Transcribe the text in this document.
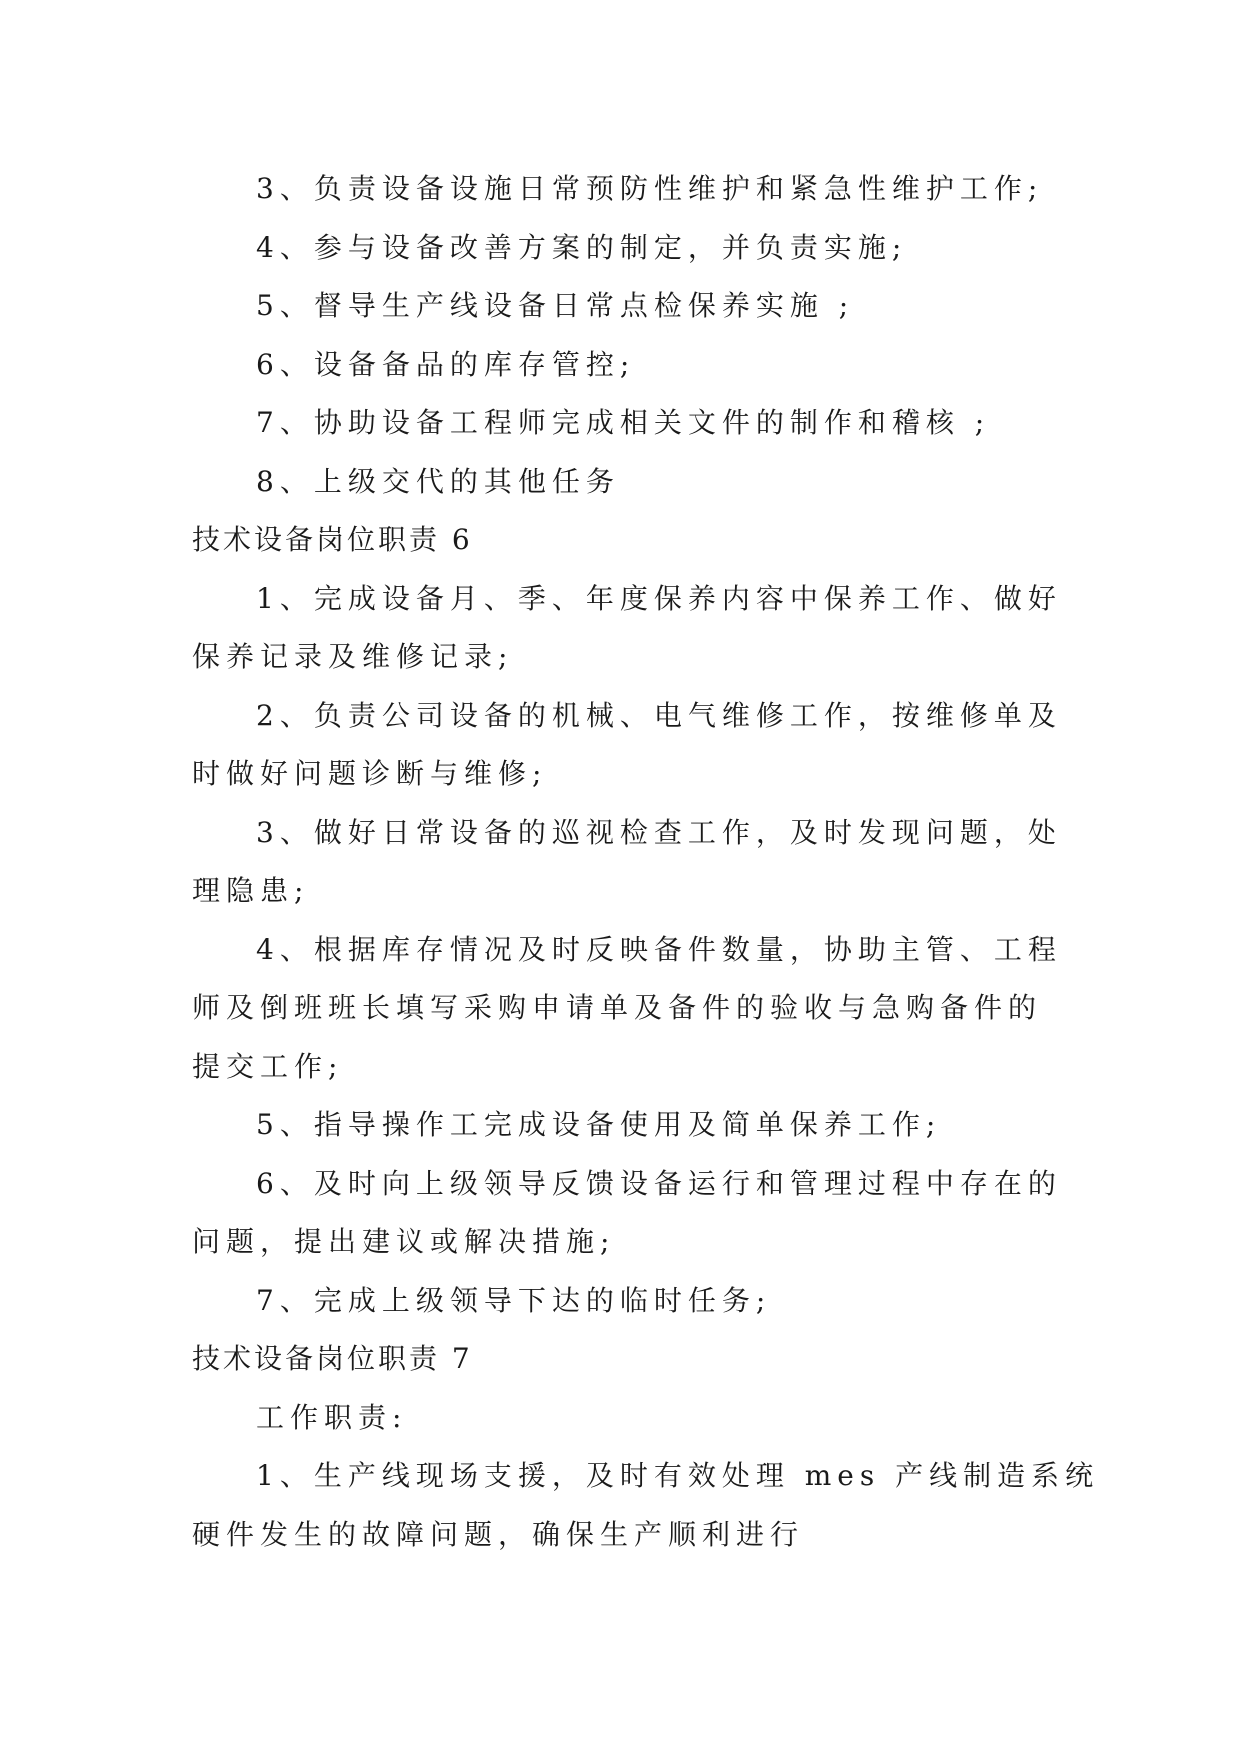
3、负责设备设施日常预防性维护和紧急性维护工作;

4、参与设备改善方案的制定，并负责实施;

5、督导生产线设备日常点检保养实施 ;

6、设备备品的库存管控;

7、协助设备工程师完成相关文件的制作和稽核 ;

8、上级交代的其他任务

技术设备岗位职责 6

1、完成设备月、季、年度保养内容中保养工作、做好

保养记录及维修记录;

2、负责公司设备的机械、电气维修工作，按维修单及

时做好问题诊断与维修;

3、做好日常设备的巡视检查工作，及时发现问题，处

理隐患;

4、根据库存情况及时反映备件数量，协助主管、工程

师及倒班班长填写采购申请单及备件的验收与急购备件的

提交工作;

5、指导操作工完成设备使用及简单保养工作;

6、及时向上级领导反馈设备运行和管理过程中存在的

问题，提出建议或解决措施;

7、完成上级领导下达的临时任务;

技术设备岗位职责 7

工作职责:

1、生产线现场支援，及时有效处理 mes 产线制造系统

硬件发生的故障问题，确保生产顺利进行
